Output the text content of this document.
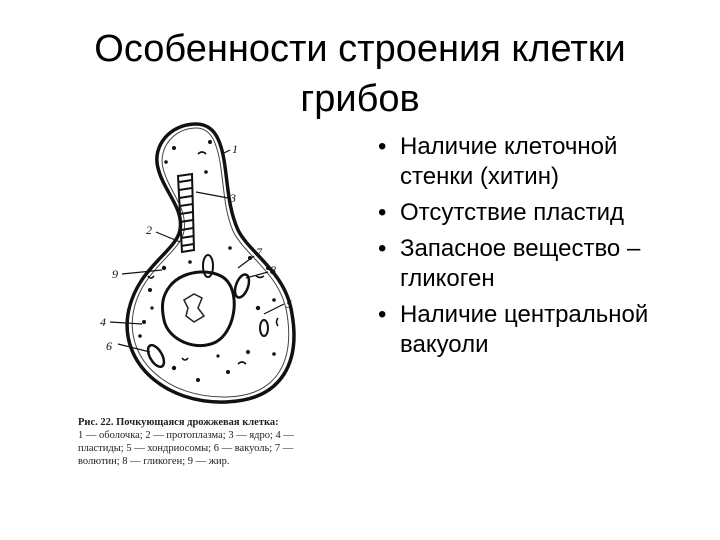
Особенности строения клетки
грибов
1
3
2
7
9	8
5
4
6
Рис. 22. Почкующаяся дрожжевая клетка:
1 — оболочка; 2 — протоплазма; 3 — ядро; 4 — пластиды; 5 — хондриосомы; 6 — вакуоль; 7 — волютин; 8 — гликоген; 9 — жир.
• Наличие клеточной стенки (хитин)
• Отсутствие пластид
• Запасное вещество – гликоген
• Наличие центральной вакуоли
